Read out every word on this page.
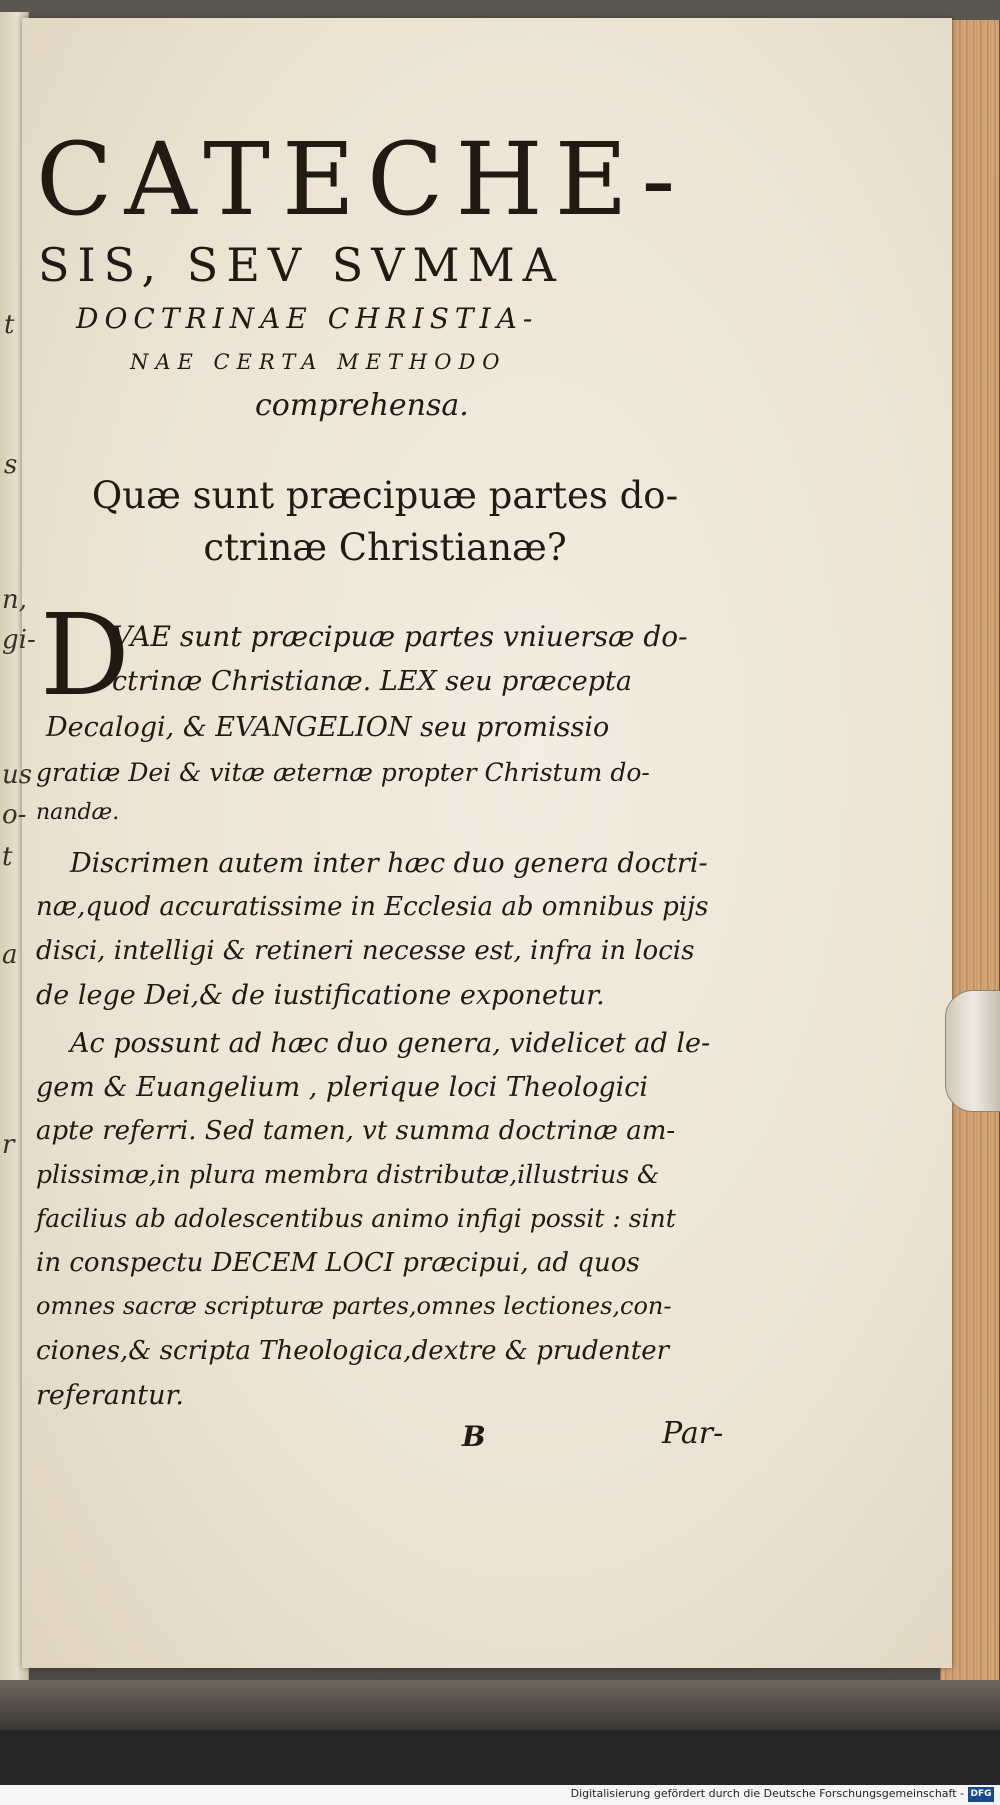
t
s
n,
gi-
us
o-
t
a
r
CATECHE-
SIS, SEV SVMMA
DOCTRINAE CHRISTIA-
NAE CERTA METHODO
comprehensa.
Quæ sunt præcipuæ partes do-
ctrinæ Christianæ?
D
VAE sunt præcipuæ partes vniuersæ do-
ctrinæ Christianæ. LEX seu præcepta
Decalogi, & EVANGELION seu promissio
gratiæ Dei & vitæ æternæ propter Christum do-
nandæ.
Discrimen autem inter hæc duo genera doctri-
næ,quod accuratissime in Ecclesia ab omnibus pijs
disci, intelligi & retineri necesse est, infra in locis
de lege Dei,& de iustificatione exponetur.
Ac possunt ad hæc duo genera, videlicet ad le-
gem & Euangelium , plerique loci Theologici
apte referri. Sed tamen, vt summa doctrinæ am-
plissimæ,in plura membra distributæ,illustrius &
facilius ab adolescentibus animo infigi possit : sint
in conspectu DECEM LOCI præcipui, ad quos
omnes sacræ scripturæ partes,omnes lectiones,con-
ciones,& scripta Theologica,dextre & prudenter
referantur.
B	Par-
Digitalisierung gefördert durch die Deutsche Forschungsgemeinschaft - DFG
